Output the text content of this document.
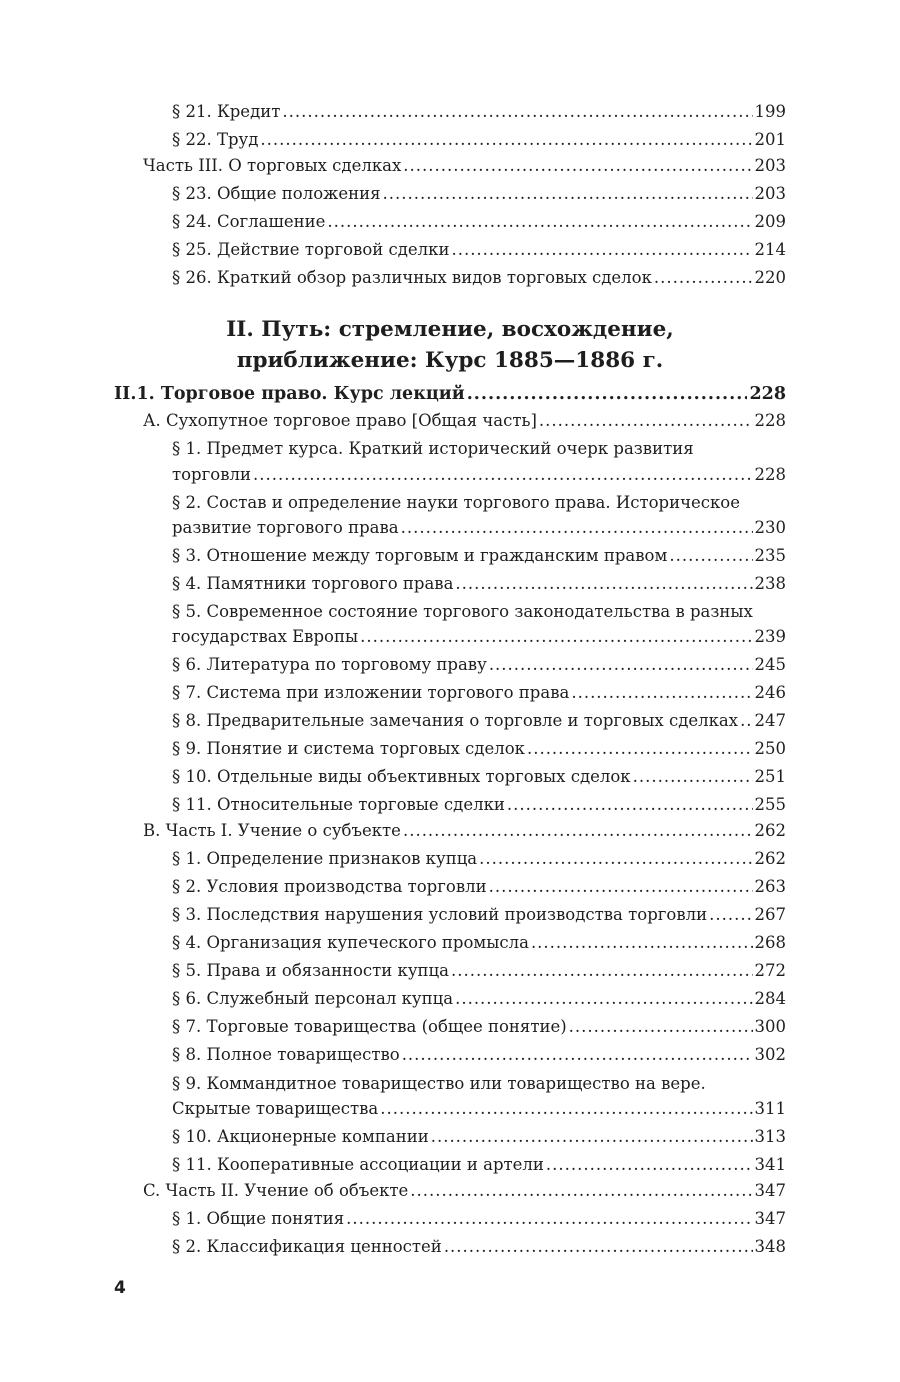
§ 21. Кредит .....	199
§ 22. Труд .....	201
Часть III. О торговых сделках .....	203
§ 23. Общие положения .....	203
§ 24. Соглашение .....	209
§ 25. Действие торговой сделки .....	214
§ 26. Краткий обзор различных видов торговых сделок .....	220
II. Путь: стремление, восхождение,
приближение: Курс 1885—1886 г.
II.1. Торговое право. Курс лекций .....	228
А. Сухопутное торговое право [Общая часть] .....	228
§ 1. Предмет курса. Краткий исторический очерк развития
торговли .....	228
§ 2. Состав и определение науки торгового права. Историческое
развитие торгового права .....	230
§ 3. Отношение между торговым и гражданским правом .....	235
§ 4. Памятники торгового права .....	238
§ 5. Современное состояние торгового законодательства в разных
государствах Европы .....	239
§ 6. Литература по торговому праву .....	245
§ 7. Система при изложении торгового права .....	246
§ 8. Предварительные замечания о торговле и торговых сделках ..... 247
§ 9. Понятие и система торговых сделок .....	250
§ 10. Отдельные виды объективных торговых сделок .....	251
§ 11. Относительные торговые сделки .....	255
B. Часть I. Учение о субъекте .....	262
§ 1. Определение признаков купца .....	262
§ 2. Условия производства торговли .....	263
§ 3. Последствия нарушения условий производства торговли .....	267
§ 4. Организация купеческого промысла .....	268
§ 5. Права и обязанности купца .....	272
§ 6. Служебный персонал купца .....	284
§ 7. Торговые товарищества (общее понятие) .....	300
§ 8. Полное товарищество .....	302
§ 9. Коммандитное товарищество или товарищество на вере.
Скрытые товарищества .....	311
§ 10. Акционерные компании .....	313
§ 11. Кооперативные ассоциации и артели .....	341
C. Часть II. Учение об объекте .....	347
§ 1. Общие понятия .....	347
§ 2. Классификация ценностей .....	348
4
